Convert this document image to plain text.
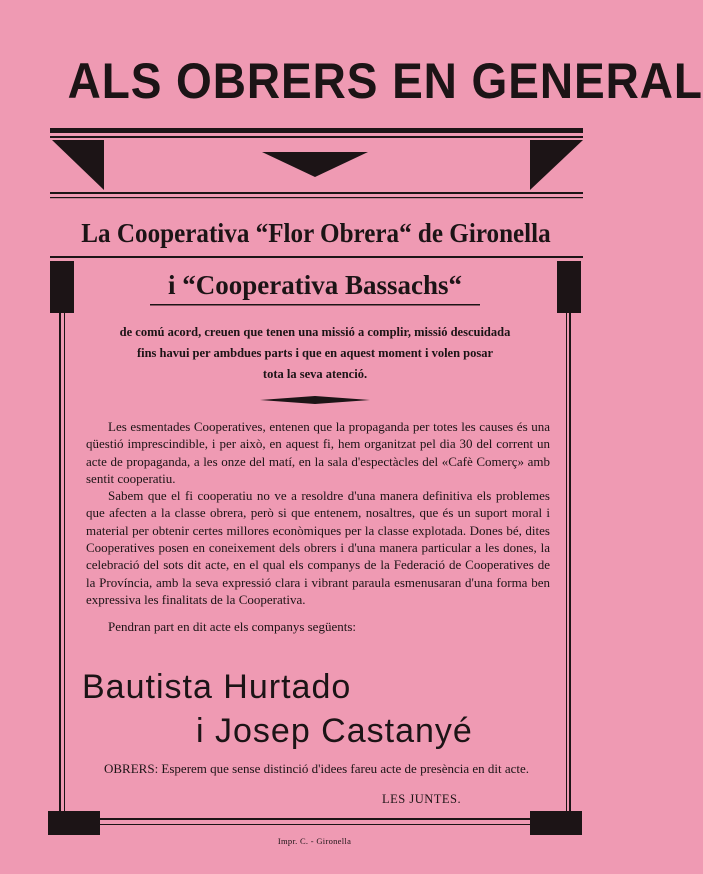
ALS OBRERS EN GENERAL
La Cooperativa “Flor Obrera“ de Gironella
i “Cooperativa Bassachs“
de comú acord, creuen que tenen una missió a complir, missió descuidada
fins havui per ambdues parts i que en aquest moment i volen posar
tota la seva atenció.

Les esmentades Cooperatives, entenen que la propaganda per totes les causes és una qüestió imprescindible, i per això, en aquest fi, hem organitzat pel dia 30 del corrent un acte de propaganda, a les onze del matí, en la sala d'espectàcles del «Cafè Comerç» amb sentit cooperatiu.

Sabem que el fi cooperatiu no ve a resoldre d'una manera definitiva els problemes que afecten a la classe obrera, però si que entenem, nosaltres, que és un suport moral i material per obtenir certes millores econòmiques per la classe explotada. Dones bé, dites Cooperatives posen en coneixement dels obrers i d'una manera particular a les dones, la celebració del sots dit acte, en el qual els companys de la Federació de Cooperatives de la Província, amb la seva expressió clara i vibrant paraula esmenusaran d'una forma ben expressiva les finalitats de la Cooperativa.

Pendran part en dit acte els companys següents:

Bautista Hurtado
i Josep Castanyé

OBRERS: Esperem que sense distinció d'idees fareu acte de presència en dit acte.

LES JUNTES.
Impr. C. - Gironella
